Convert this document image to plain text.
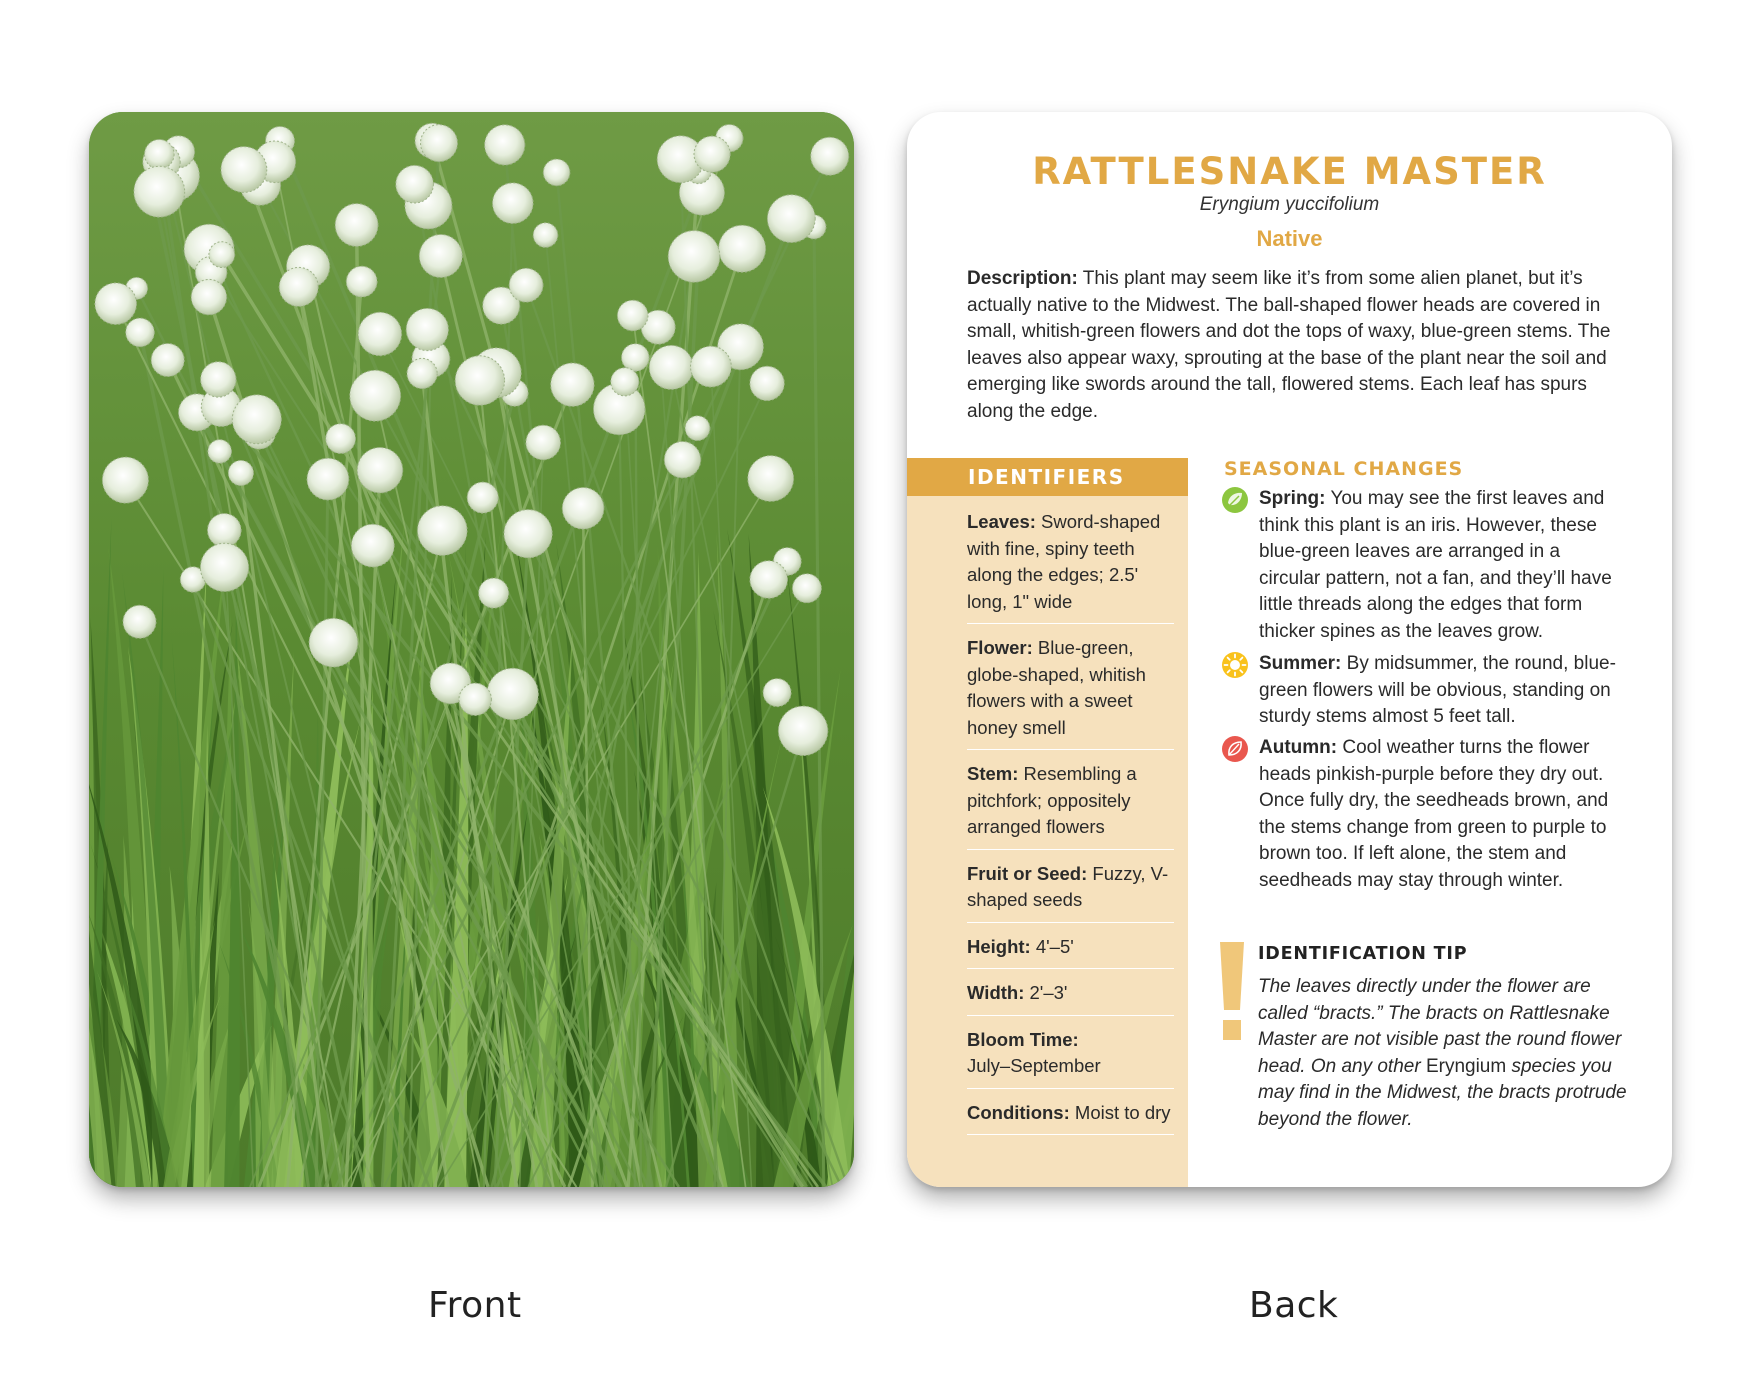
Front
RATTLESNAKE MASTER
Eryngium yuccifolium
Native
Description: This plant may seem like it’s from some alien planet, but it’s actually native to the Midwest. The ball-shaped flower heads are covered in small, whitish-green flowers and dot the tops of waxy, blue-green stems. The leaves also appear waxy, sprouting at the base of the plant near the soil and emerging like swords around the tall, flowered stems. Each leaf has spurs along the edge.
IDENTIFIERS
Leaves: Sword-shaped with fine, spiny teeth along the edges; 2.5' long, 1" wide
Flower: Blue-green, globe-shaped, whitish flowers with a sweet honey smell
Stem: Resembling a pitchfork; oppositely arranged flowers
Fruit or Seed: Fuzzy, V-shaped seeds
Height: 4'–5'
Width: 2'–3'
Bloom Time:
July–September
Conditions: Moist to dry
SEASONAL CHANGES
Spring: You may see the first leaves and think this plant is an iris. However, these blue-green leaves are arranged in a circular pattern, not a fan, and they’ll have little threads along the edges that form thicker spines as the leaves grow.
Summer: By midsummer, the round, blue-green flowers will be obvious, standing on sturdy stems almost 5 feet tall.
Autumn: Cool weather turns the flower heads pinkish-purple before they dry out. Once fully dry, the seedheads brown, and the stems change from green to purple to brown too. If left alone, the stem and seedheads may stay through winter.
IDENTIFICATION TIP
The leaves directly under the flower are called “bracts.” The bracts on Rattlesnake Master are not visible past the round flower head. On any other Eryngium species you may find in the Midwest, the bracts protrude beyond the flower.
Back
